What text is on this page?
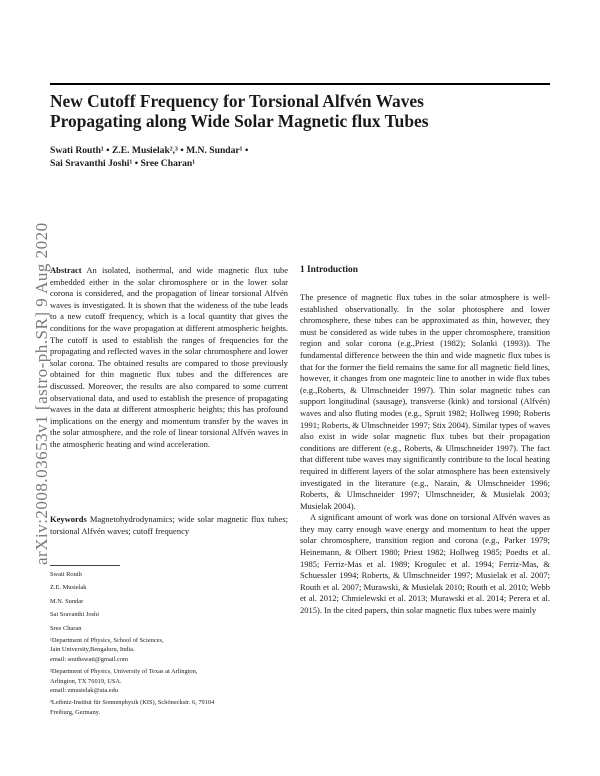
New Cutoff Frequency for Torsional Alfvén Waves
Propagating along Wide Solar Magnetic flux Tubes
Swati Routh¹ • Z.E. Musielak²,³ • M.N. Sundar¹ •
Sai Sravanthi Joshi¹ • Sree Charan¹
arXiv:2008.03653v1 [astro-ph.SR] 9 Aug 2020 Abstract An isolated, isothermal, and wide magnetic flux tube embedded either in the solar chromosphere or in the lower solar corona is considered, and the propagation of linear torsional Alfvén waves is investigated. It is shown that the wideness of the tube leads to a new cutoff frequency, which is a local quantity that gives the conditions for the wave propagation at different atmospheric heights. The cutoff is used to establish the ranges of frequencies for the propagating and reflected waves in the solar chromosphere and lower solar corona. The obtained results are compared to those previously obtained for thin magnetic flux tubes and the differences are discussed. Moreover, the results are also compared to some current observational data, and used to establish the presence of propagating waves in the data at different atmospheric heights; this has profound implications on the energy and momentum transfer by the waves in the solar atmosphere, and the role of linear torsional Alfvén waves in the atmospheric heating and wind acceleration.
Keywords Magnetohydrodynamics; wide solar magnetic flux tubes; torsional Alfvén waves; cutoff frequency
Swati Routh
Z.E. Musielak
M.N. Sundar
Sai Sravanthi Joshi
Sree Charan
¹Department of Physics, School of Sciences,
Jain University,Bengaluru, India.
email: southswati@gmail.com
²Department of Physics, University of Texas at Arlington,
Arlington, TX 76019, USA.
email: zmusielak@uta.edu
³Leibniz-Institut für Sonnenphysik (KIS), Schöneckstr. 6, 79104
Freiburg, Germany.
1 Introduction

The presence of magnetic flux tubes in the solar atmosphere is well-established observationally. In the solar photosphere and lower chromosphere, these tubes can be approximated as thin, however, they must be considered as wide tubes in the upper chromosphere, transition region and solar corona (e.g.,Priest (1982); Solanki (1993)). The fundamental difference between the thin and wide magnetic flux tubes is that for the former the field remains the same for all magnetic field lines, however, it changes from one magnteic line to another in wide flux tubes (e.g.,Roberts, & Ulmschneider 1997). Thin solar magnetic tubes can support longitudinal (sausage), transverse (kink) and torsional (Alfvén) waves and also fluting modes (e.g., Spruit 1982; Hollweg 1990; Roberts 1991; Roberts, & Ulmschneider 1997; Stix 2004). Similar types of waves also exist in wide solar magnetic flux tubes but their propagation conditions are different (e.g., Roberts, & Ulmschneider 1997). The fact that different tube waves may significantly contribute to the local heating required in different layers of the solar atmosphere has been extensively investigated in the literature (e.g., Narain, & Ulmschneider 1996; Roberts, & Ulmschneider 1997; Ulmschneider, & Musielak 2003; Musielak 2004).

A significant amount of work was done on torsional Alfvén waves as they may carry enough wave energy and momentum to heat the upper solar chromosphere, transition region and corona (e.g., Parker 1979; Heinemann, & Olbert 1980; Priest 1982; Hollweg 1985; Poedts et al. 1985; Ferriz-Mas et al. 1989; Krogulec et al. 1994; Ferriz-Mas, & Schuessler 1994; Roberts, & Ulmschneider 1997; Musielak et al. 2007; Routh et al. 2007; Murawski, & Musielak 2010; Routh et al. 2010; Webb et al. 2012; Chmielewski et al. 2013; Murawski et al. 2014; Perera et al. 2015). In the cited papers, thin solar magnetic flux tubes were mainly
